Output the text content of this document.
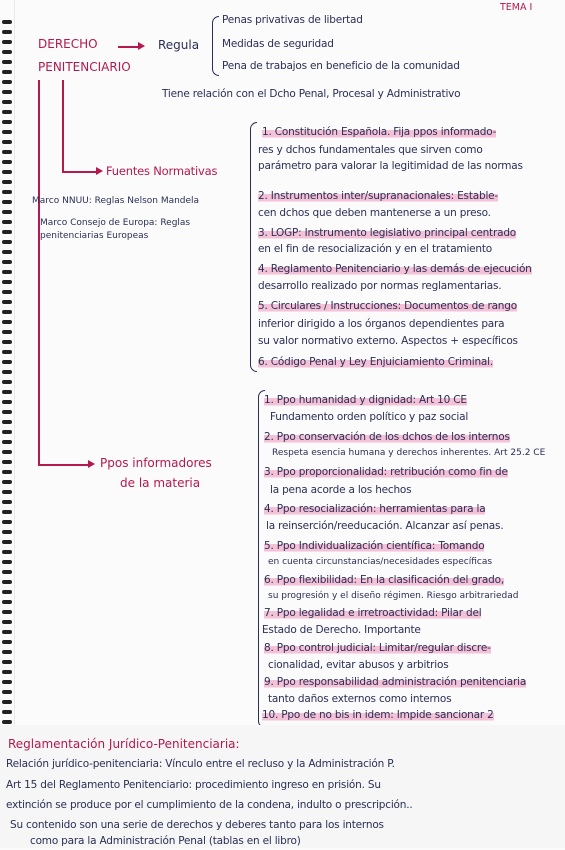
TEMA I
DERECHO
PENITENCIARIO
Regula
Penas privativas de libertad
Medidas de seguridad
Pena de trabajos en beneficio de la comunidad
Tiene relación con el Dcho Penal, Procesal y Administrativo
Fuentes Normativas
Marco NNUU: Reglas Nelson Mandela
Marco Consejo de Europa: Reglas
penitenciarias Europeas
1. Constitución Española. Fija ppos informado-
res y dchos fundamentales que sirven como
parámetro para valorar la legitimidad de las normas
2. Instrumentos inter/supranacionales: Estable-
cen dchos que deben mantenerse a un preso.
3. LOGP: Instrumento legislativo principal centrado
en el fin de resocialización y en el tratamiento
4. Reglamento Penitenciario y las demás de ejecución
desarrollo realizado por normas reglamentarias.
5. Circulares / Instrucciones: Documentos de rango
inferior dirigido a los órganos dependientes para
su valor normativo externo. Aspectos + específicos
6. Código Penal y Ley Enjuiciamiento Criminal.
Ppos informadores
de la materia
1. Ppo humanidad y dignidad: Art 10 CE
Fundamento orden político y paz social
2. Ppo conservación de los dchos de los internos
Respeta esencia humana y derechos inherentes. Art 25.2 CE
3. Ppo proporcionalidad: retribución como fin de
la pena acorde a los hechos
4. Ppo resocialización: herramientas para la
la reinserción/reeducación. Alcanzar así penas.
5. Ppo Individualización científica: Tomando
en cuenta circunstancias/necesidades específicas
6. Ppo flexibilidad: En la clasificación del grado,
su progresión y el diseño régimen. Riesgo arbitrariedad
7. Ppo legalidad e irretroactividad: Pilar del
Estado de Derecho. Importante
8. Ppo control judicial: Limitar/regular discre-
cionalidad, evitar abusos y arbitrios
9. Ppo responsabilidad administración penitenciaria
tanto daños externos como internos
10. Ppo de no bis in idem: Impide sancionar 2
Reglamentación Jurídico-Penitenciaria:
Relación jurídico-penitenciaria: Vínculo entre el recluso y la Administración P.
Art 15 del Reglamento Penitenciario: procedimiento ingreso en prisión. Su
extinción se produce por el cumplimiento de la condena, indulto o prescripción..
Su contenido son una serie de derechos y deberes tanto para los internos
como para la Administración Penal (tablas en el libro)
